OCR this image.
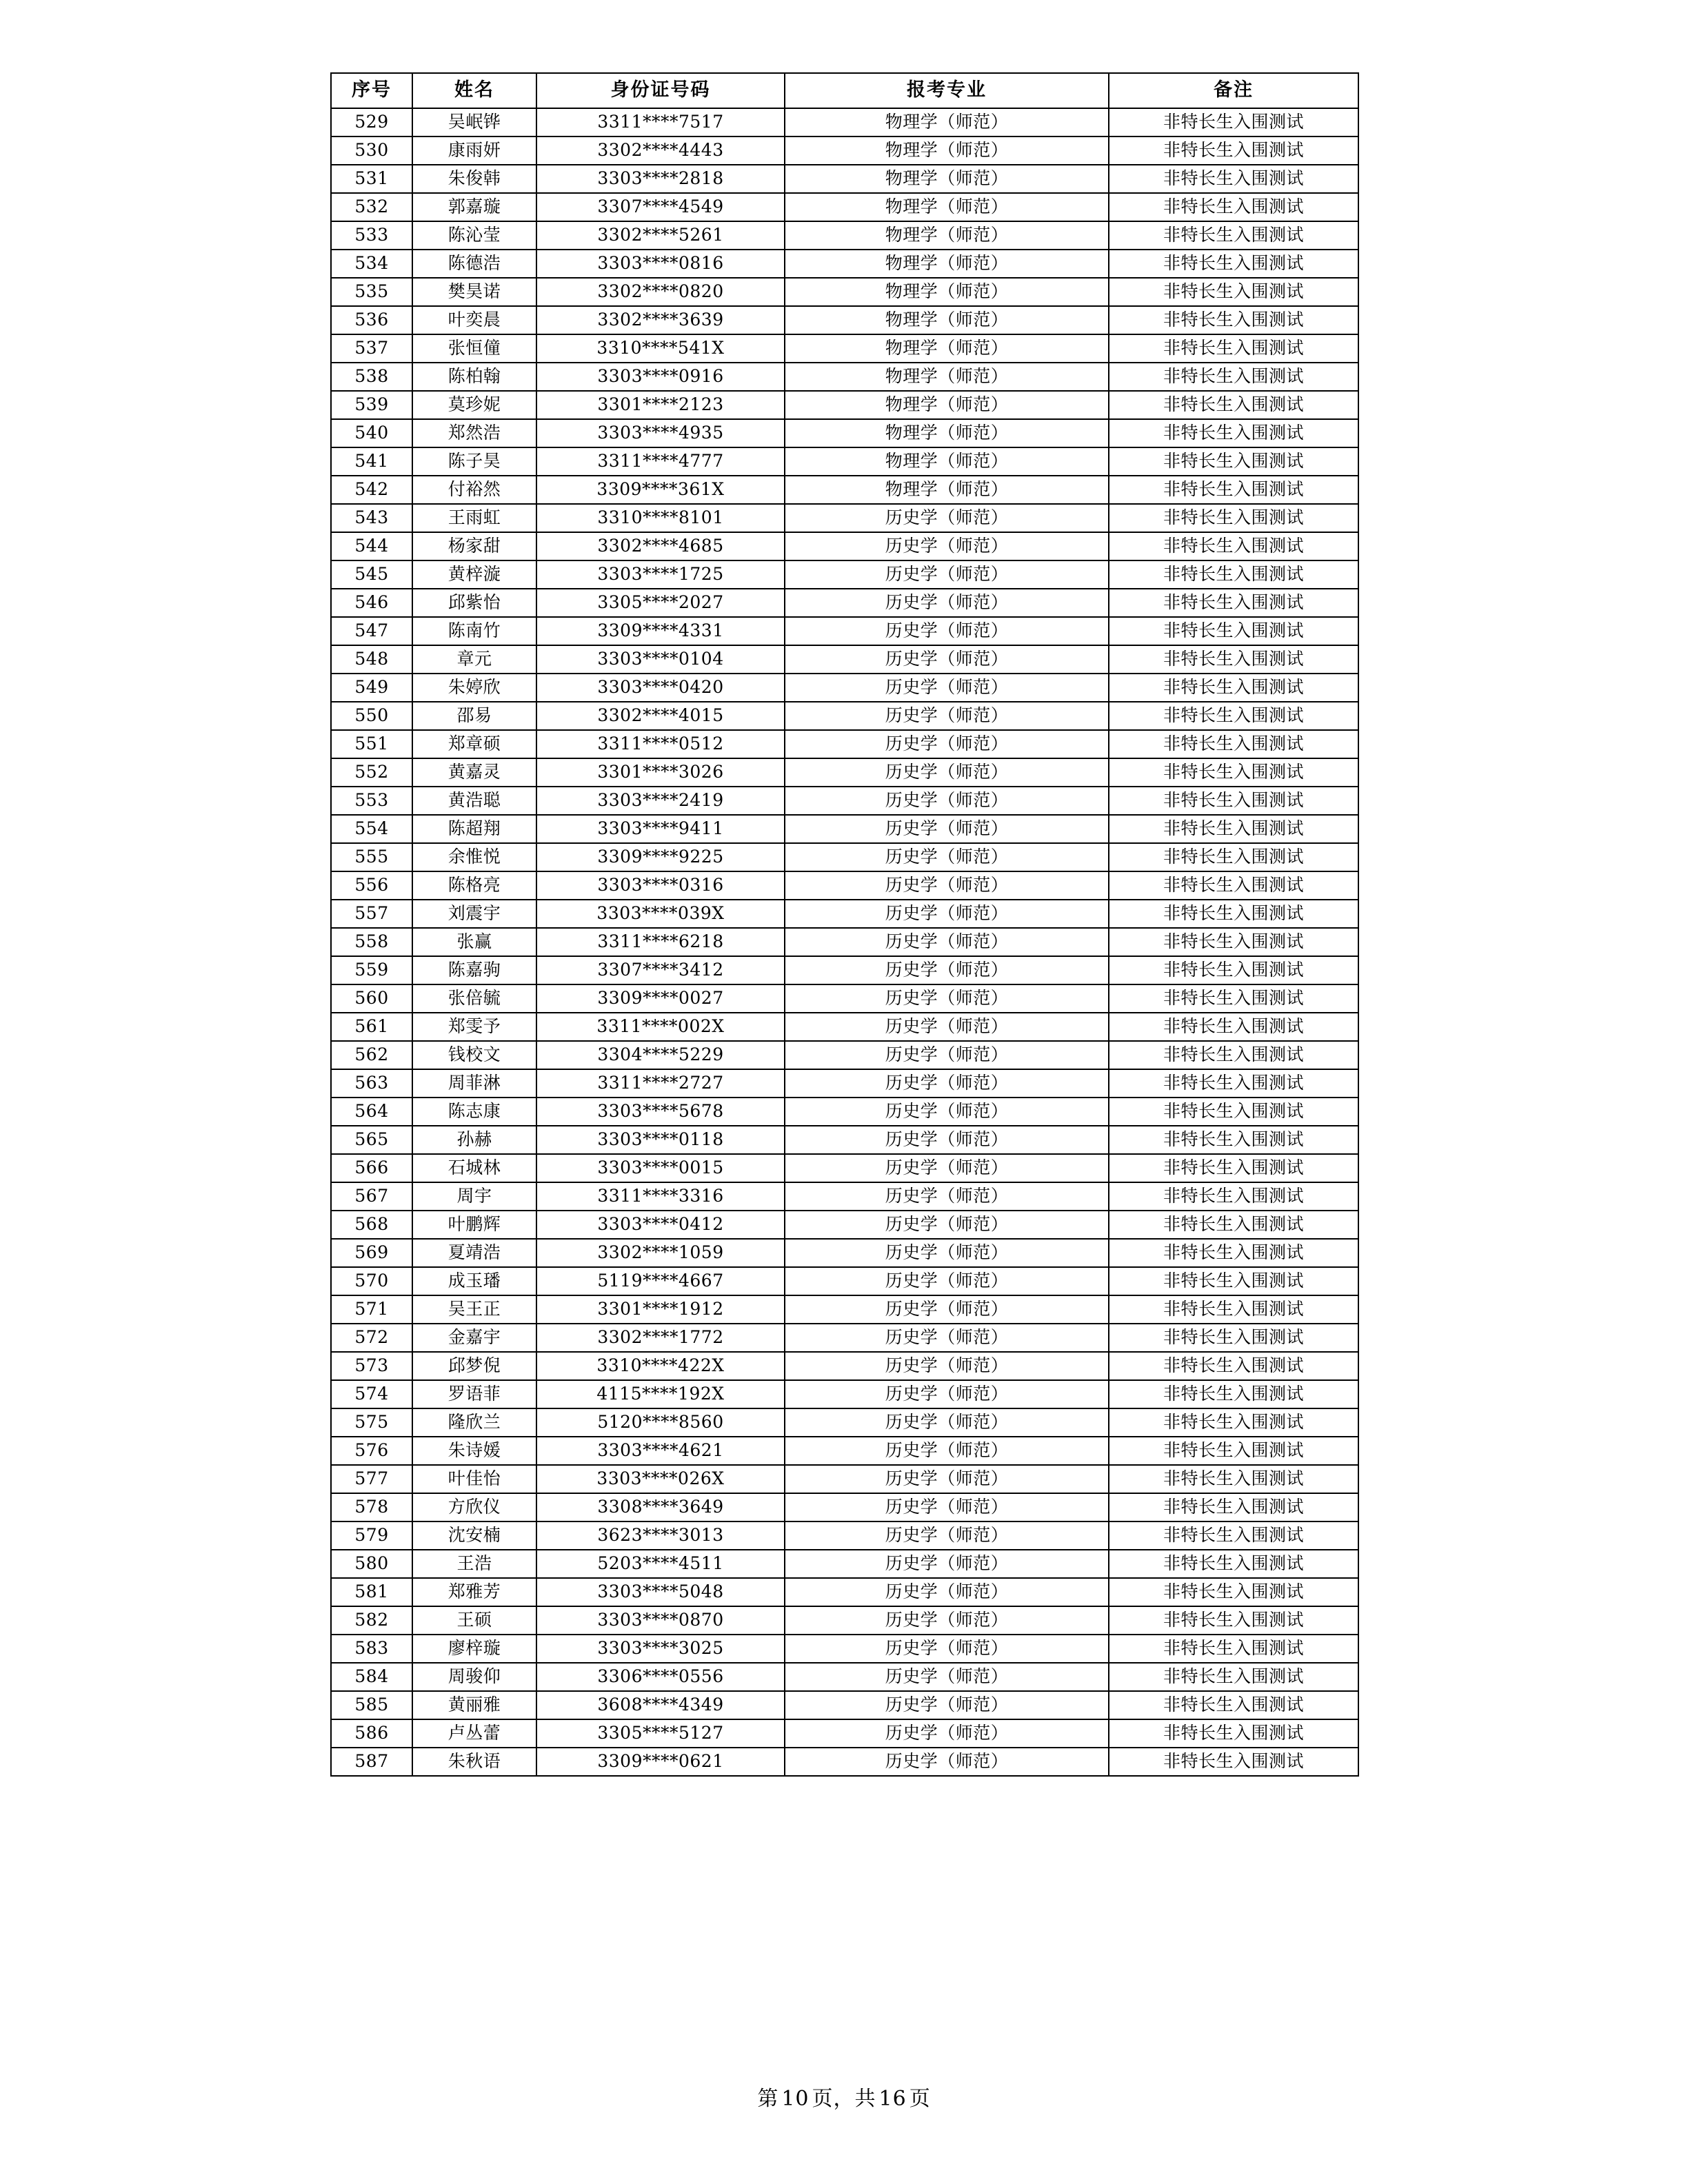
序号	姓名	身份证号码	报考专业	备注
529	吴岷铧	3311****7517	物理学（师范）	非特长生入围测试
530	康雨妍	3302****4443	物理学（师范）	非特长生入围测试
531	朱俊韩	3303****2818	物理学（师范）	非特长生入围测试
532	郭嘉璇	3307****4549	物理学（师范）	非特长生入围测试
533	陈沁莹	3302****5261	物理学（师范）	非特长生入围测试
534	陈德浩	3303****0816	物理学（师范）	非特长生入围测试
535	樊昊诺	3302****0820	物理学（师范）	非特长生入围测试
536	叶奕晨	3302****3639	物理学（师范）	非特长生入围测试
537	张恒僮	3310****541X	物理学（师范）	非特长生入围测试
538	陈柏翰	3303****0916	物理学（师范）	非特长生入围测试
539	莫珍妮	3301****2123	物理学（师范）	非特长生入围测试
540	郑然浩	3303****4935	物理学（师范）	非特长生入围测试
541	陈子昊	3311****4777	物理学（师范）	非特长生入围测试
542	付裕然	3309****361X	物理学（师范）	非特长生入围测试
543	王雨虹	3310****8101	历史学（师范）	非特长生入围测试
544	杨家甜	3302****4685	历史学（师范）	非特长生入围测试
545	黄梓漩	3303****1725	历史学（师范）	非特长生入围测试
546	邱紫怡	3305****2027	历史学（师范）	非特长生入围测试
547	陈南竹	3309****4331	历史学（师范）	非特长生入围测试
548	章元	3303****0104	历史学（师范）	非特长生入围测试
549	朱婷欣	3303****0420	历史学（师范）	非特长生入围测试
550	邵易	3302****4015	历史学（师范）	非特长生入围测试
551	郑章硕	3311****0512	历史学（师范）	非特长生入围测试
552	黄嘉灵	3301****3026	历史学（师范）	非特长生入围测试
553	黄浩聪	3303****2419	历史学（师范）	非特长生入围测试
554	陈超翔	3303****9411	历史学（师范）	非特长生入围测试
555	余惟悦	3309****9225	历史学（师范）	非特长生入围测试
556	陈格亮	3303****0316	历史学（师范）	非特长生入围测试
557	刘震宇	3303****039X	历史学（师范）	非特长生入围测试
558	张赢	3311****6218	历史学（师范）	非特长生入围测试
559	陈嘉驹	3307****3412	历史学（师范）	非特长生入围测试
560	张倍毓	3309****0027	历史学（师范）	非特长生入围测试
561	郑雯予	3311****002X	历史学（师范）	非特长生入围测试
562	钱校文	3304****5229	历史学（师范）	非特长生入围测试
563	周菲淋	3311****2727	历史学（师范）	非特长生入围测试
564	陈志康	3303****5678	历史学（师范）	非特长生入围测试
565	孙赫	3303****0118	历史学（师范）	非特长生入围测试
566	石城林	3303****0015	历史学（师范）	非特长生入围测试
567	周宇	3311****3316	历史学（师范）	非特长生入围测试
568	叶鹏辉	3303****0412	历史学（师范）	非特长生入围测试
569	夏靖浩	3302****1059	历史学（师范）	非特长生入围测试
570	成玉璠	5119****4667	历史学（师范）	非特长生入围测试
571	吴王正	3301****1912	历史学（师范）	非特长生入围测试
572	金嘉宇	3302****1772	历史学（师范）	非特长生入围测试
573	邱梦倪	3310****422X	历史学（师范）	非特长生入围测试
574	罗语菲	4115****192X	历史学（师范）	非特长生入围测试
575	隆欣兰	5120****8560	历史学（师范）	非特长生入围测试
576	朱诗媛	3303****4621	历史学（师范）	非特长生入围测试
577	叶佳怡	3303****026X	历史学（师范）	非特长生入围测试
578	方欣仪	3308****3649	历史学（师范）	非特长生入围测试
579	沈安楠	3623****3013	历史学（师范）	非特长生入围测试
580	王浩	5203****4511	历史学（师范）	非特长生入围测试
581	郑雅芳	3303****5048	历史学（师范）	非特长生入围测试
582	王硕	3303****0870	历史学（师范）	非特长生入围测试
583	廖梓璇	3303****3025	历史学（师范）	非特长生入围测试
584	周骏仰	3306****0556	历史学（师范）	非特长生入围测试
585	黄丽雅	3608****4349	历史学（师范）	非特长生入围测试
586	卢丛蕾	3305****5127	历史学（师范）	非特长生入围测试
587	朱秋语	3309****0621	历史学（师范）	非特长生入围测试
第 10 页，共 16 页
